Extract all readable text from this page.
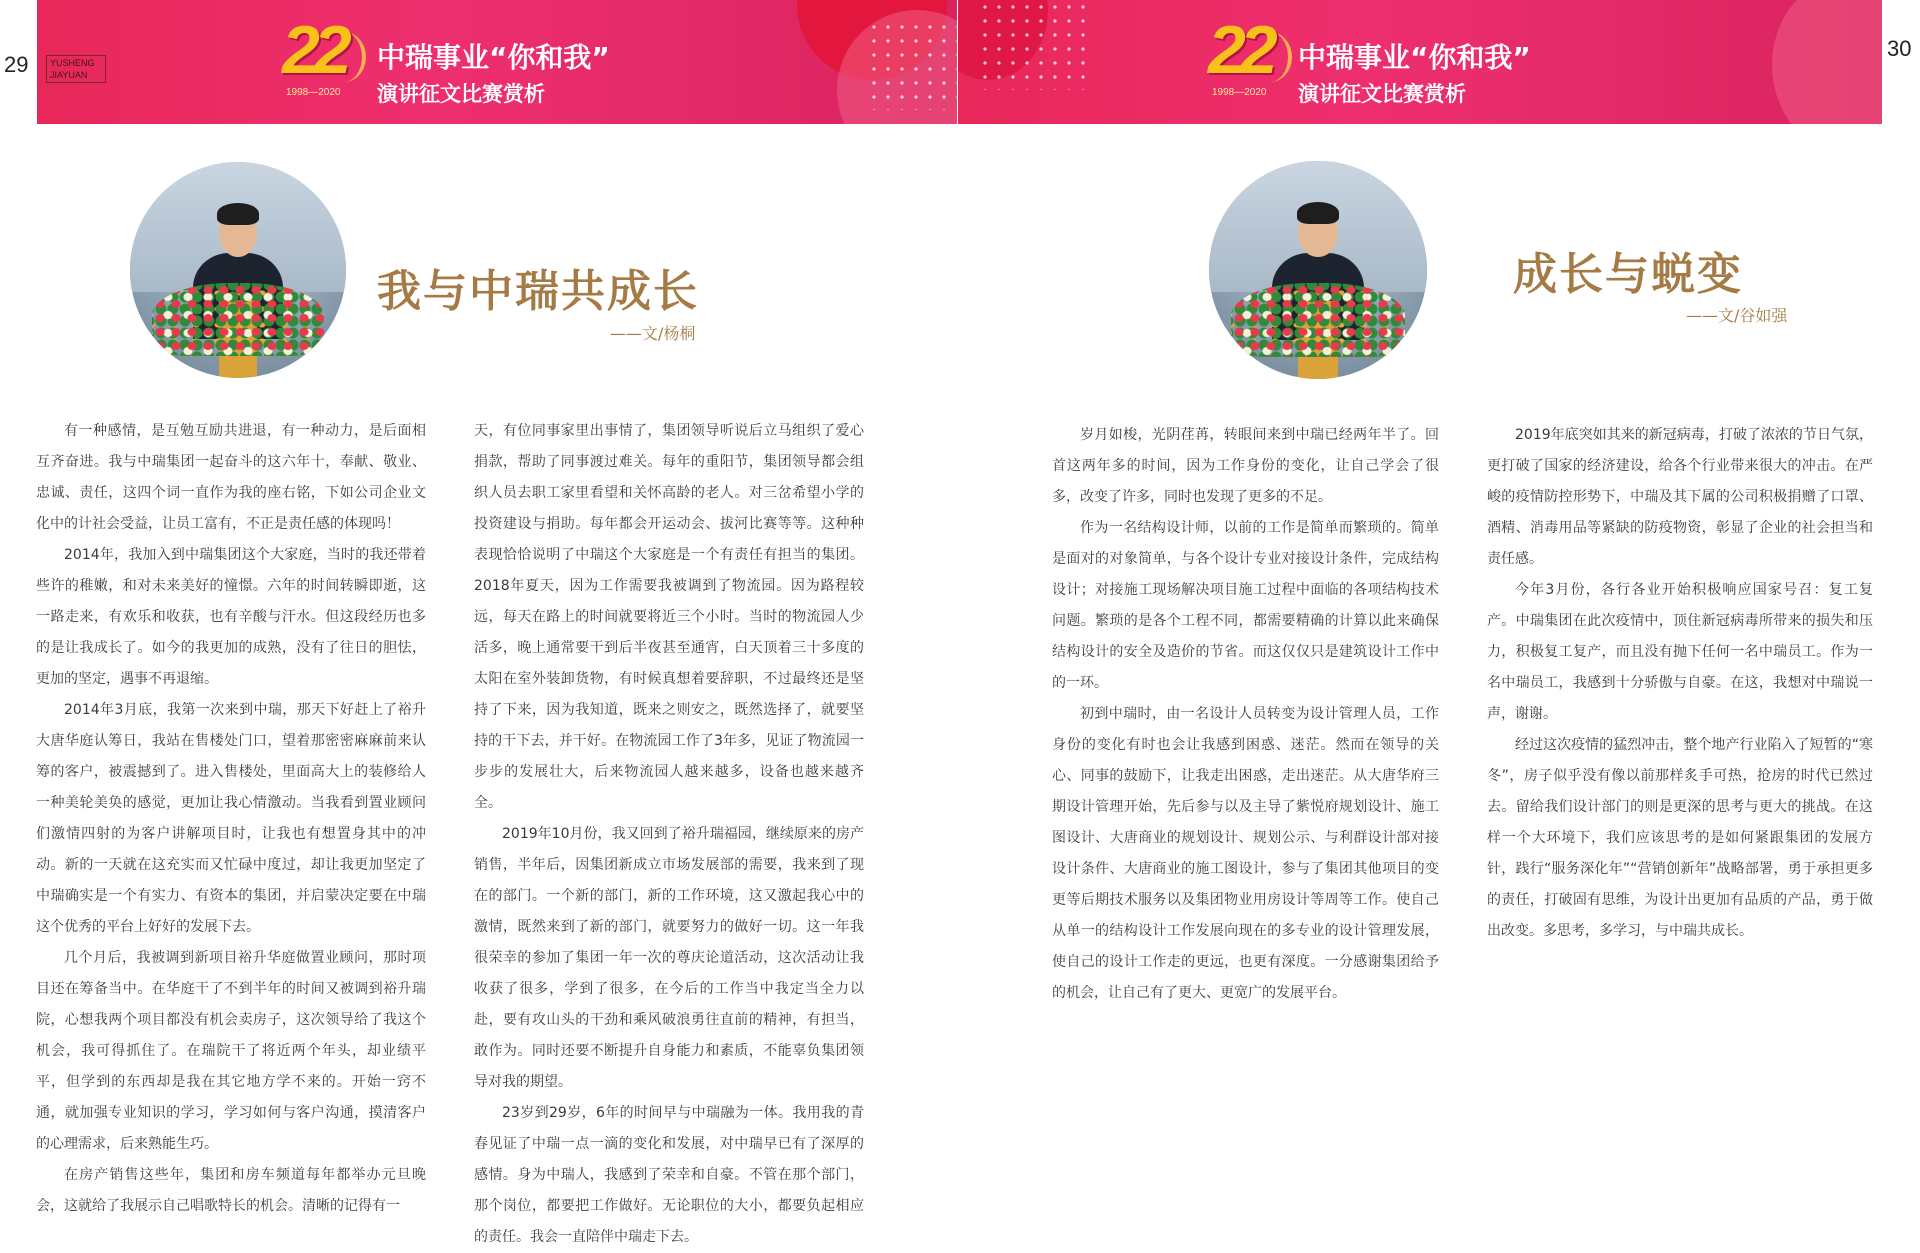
29
30
YUSHENG JIAYUAN	22
1998—2020
中瑞事业“你和我”
演讲征文比赛赏析
22
1998—2020
中瑞事业“你和我”
演讲征文比赛赏析
我与中瑞共成长
——文/杨桐
成长与蜕变
——文/谷如强

有一种感情，是互勉互励共进退，有一种动力，是后面相互齐奋进。我与中瑞集团一起奋斗的这六年十，奉献、敬业、忠诚、责任，这四个词一直作为我的座右铭，下如公司企业文化中的计社会受益，让员工富有，不正是责任感的体现吗！

2014年，我加入到中瑞集团这个大家庭，当时的我还带着些许的稚嫩，和对未来美好的憧憬。六年的时间转瞬即逝，这一路走来，有欢乐和收获，也有辛酸与汗水。但这段经历也多的是让我成长了。如今的我更加的成熟，没有了往日的胆怯，更加的坚定，遇事不再退缩。

2014年3月底，我第一次来到中瑞，那天下好赶上了裕升大唐华庭认筹日，我站在售楼处门口，望着那密密麻麻前来认筹的客户，被震撼到了。进入售楼处，里面高大上的装修给人一种美轮美奂的感觉，更加让我心情激动。当我看到置业顾问们激情四射的为客户讲解项目时，让我也有想置身其中的冲动。新的一天就在这充实而又忙碌中度过，却让我更加坚定了中瑞确实是一个有实力、有资本的集团，并启蒙决定要在中瑞这个优秀的平台上好好的发展下去。

几个月后，我被调到新项目裕升华庭做置业顾问，那时项目还在筹备当中。在华庭干了不到半年的时间又被调到裕升瑞院，心想我两个项目都没有机会卖房子，这次领导给了我这个机会，我可得抓住了。在瑞院干了将近两个年头，却业绩平平，但学到的东西却是我在其它地方学不来的。开始一窍不通，就加强专业知识的学习，学习如何与客户沟通，摸清客户的心理需求，后来熟能生巧。

在房产销售这些年，集团和房车频道每年都举办元旦晚会，这就给了我展示自己唱歌特长的机会。清晰的记得有一

天，有位同事家里出事情了，集团领导听说后立马组织了爱心捐款，帮助了同事渡过难关。每年的重阳节，集团领导都会组织人员去职工家里看望和关怀高龄的老人。对三岔希望小学的投资建设与捐助。每年都会开运动会、拔河比赛等等。这种种表现恰恰说明了中瑞这个大家庭是一个有责任有担当的集团。2018年夏天，因为工作需要我被调到了物流园。因为路程较远，每天在路上的时间就要将近三个小时。当时的物流园人少活多，晚上通常要干到后半夜甚至通宵，白天顶着三十多度的太阳在室外装卸货物，有时候真想着要辞职，不过最终还是坚持了下来，因为我知道，既来之则安之，既然选择了，就要坚持的干下去，并干好。在物流园工作了3年多，见证了物流园一步步的发展壮大，后来物流园人越来越多，设备也越来越齐全。

2019年10月份，我又回到了裕升瑞福园，继续原来的房产销售，半年后，因集团新成立市场发展部的需要，我来到了现在的部门。一个新的部门，新的工作环境，这又激起我心中的激情，既然来到了新的部门，就要努力的做好一切。这一年我很荣幸的参加了集团一年一次的尊庆论道活动，这次活动让我收获了很多，学到了很多，在今后的工作当中我定当全力以赴，要有攻山头的干劲和乘风破浪勇往直前的精神，有担当，敢作为。同时还要不断提升自身能力和素质，不能辜负集团领导对我的期望。

23岁到29岁，6年的时间早与中瑞融为一体。我用我的青春见证了中瑞一点一滴的变化和发展，对中瑞早已有了深厚的感情。身为中瑞人，我感到了荣幸和自豪。不管在那个部门，那个岗位，都要把工作做好。无论职位的大小，都要负起相应的责任。我会一直陪伴中瑞走下去。

岁月如梭，光阴荏苒，转眼间来到中瑞已经两年半了。回首这两年多的时间，因为工作身份的变化，让自己学会了很多，改变了许多，同时也发现了更多的不足。

作为一名结构设计师，以前的工作是简单而繁琐的。简单是面对的对象简单，与各个设计专业对接设计条件，完成结构设计；对接施工现场解决项目施工过程中面临的各项结构技术问题。繁琐的是各个工程不同，都需要精确的计算以此来确保结构设计的安全及造价的节省。而这仅仅只是建筑设计工作中的一环。

初到中瑞时，由一名设计人员转变为设计管理人员，工作身份的变化有时也会让我感到困惑、迷茫。然而在领导的关心、同事的鼓励下，让我走出困惑，走出迷茫。从大唐华府三期设计管理开始，先后参与以及主导了紫悦府规划设计、施工图设计、大唐商业的规划设计、规划公示、与利群设计部对接设计条件、大唐商业的施工图设计，参与了集团其他项目的变更等后期技术服务以及集团物业用房设计等周等工作。使自己从单一的结构设计工作发展向现在的多专业的设计管理发展，使自己的设计工作走的更远，也更有深度。一分感谢集团给予的机会，让自己有了更大、更宽广的发展平台。

2019年底突如其来的新冠病毒，打破了浓浓的节日气氛，更打破了国家的经济建设，给各个行业带来很大的冲击。在严峻的疫情防控形势下，中瑞及其下属的公司积极捐赠了口罩、酒精、消毒用品等紧缺的防疫物资，彰显了企业的社会担当和责任感。

今年3月份，各行各业开始积极响应国家号召：复工复产。中瑞集团在此次疫情中，顶住新冠病毒所带来的损失和压力，积极复工复产，而且没有抛下任何一名中瑞员工。作为一名中瑞员工，我感到十分骄傲与自豪。在这，我想对中瑞说一声，谢谢。

经过这次疫情的猛烈冲击，整个地产行业陷入了短暂的“寒冬”，房子似乎没有像以前那样炙手可热，抢房的时代已然过去。留给我们设计部门的则是更深的思考与更大的挑战。在这样一个大环境下，我们应该思考的是如何紧跟集团的发展方针，践行“服务深化年”“营销创新年”战略部署，勇于承担更多的责任，打破固有思维，为设计出更加有品质的产品，勇于做出改变。多思考，多学习，与中瑞共成长。
